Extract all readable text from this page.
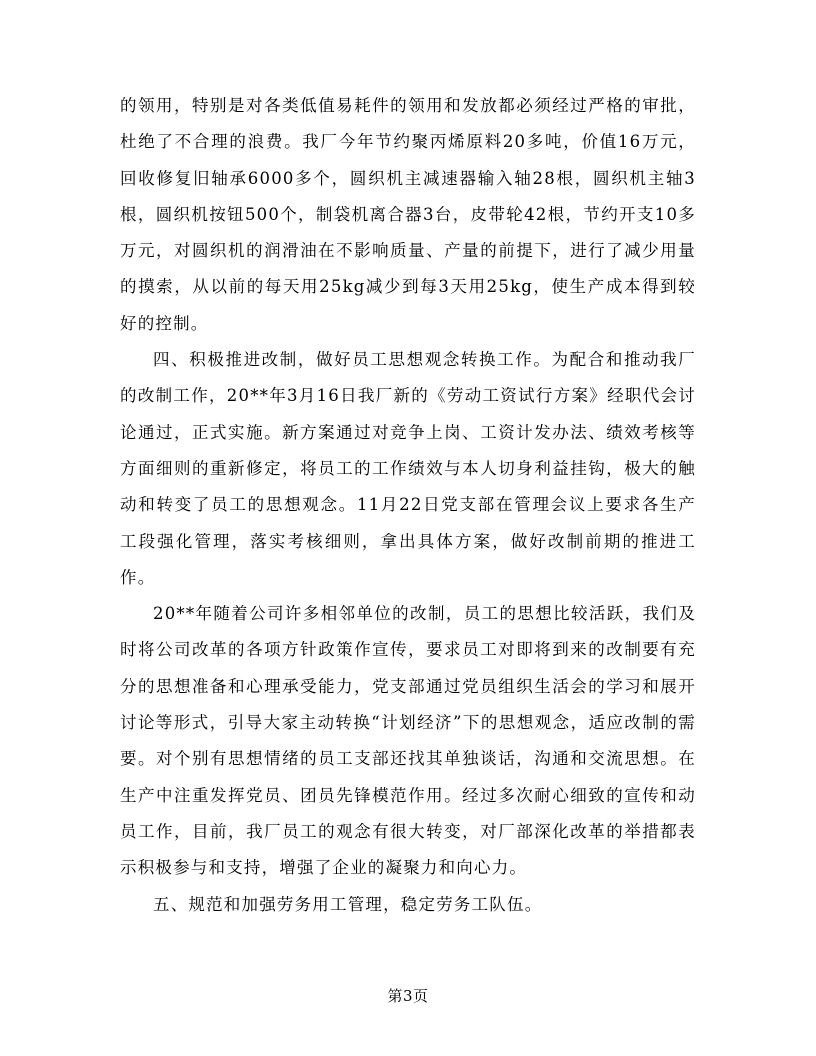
的领用，特别是对各类低值易耗件的领用和发放都必须经过严格的审批，杜绝了不合理的浪费。我厂今年节约聚丙烯原料20多吨，价值16万元，回收修复旧轴承6000多个，圆织机主减速器输入轴28根，圆织机主轴3根，圆织机按钮500个，制袋机离合器3台，皮带轮42根，节约开支10多万元，对圆织机的润滑油在不影响质量、产量的前提下，进行了减少用量的摸索，从以前的每天用25kg减少到每3天用25kg，使生产成本得到较好的控制。

四、积极推进改制，做好员工思想观念转换工作。为配合和推动我厂的改制工作，20**年3月16日我厂新的《劳动工资试行方案》经职代会讨论通过，正式实施。新方案通过对竞争上岗、工资计发办法、绩效考核等方面细则的重新修定，将员工的工作绩效与本人切身利益挂钩，极大的触动和转变了员工的思想观念。11月22日党支部在管理会议上要求各生产工段强化管理，落实考核细则，拿出具体方案，做好改制前期的推进工作。

20**年随着公司许多相邻单位的改制，员工的思想比较活跃，我们及时将公司改革的各项方针政策作宣传，要求员工对即将到来的改制要有充分的思想准备和心理承受能力，党支部通过党员组织生活会的学习和展开讨论等形式，引导大家主动转换“计划经济”下的思想观念，适应改制的需要。对个别有思想情绪的员工支部还找其单独谈话，沟通和交流思想。在生产中注重发挥党员、团员先锋模范作用。经过多次耐心细致的宣传和动员工作，目前，我厂员工的观念有很大转变，对厂部深化改革的举措都表示积极参与和支持，增强了企业的凝聚力和向心力。

五、规范和加强劳务用工管理，稳定劳务工队伍。

第3页
